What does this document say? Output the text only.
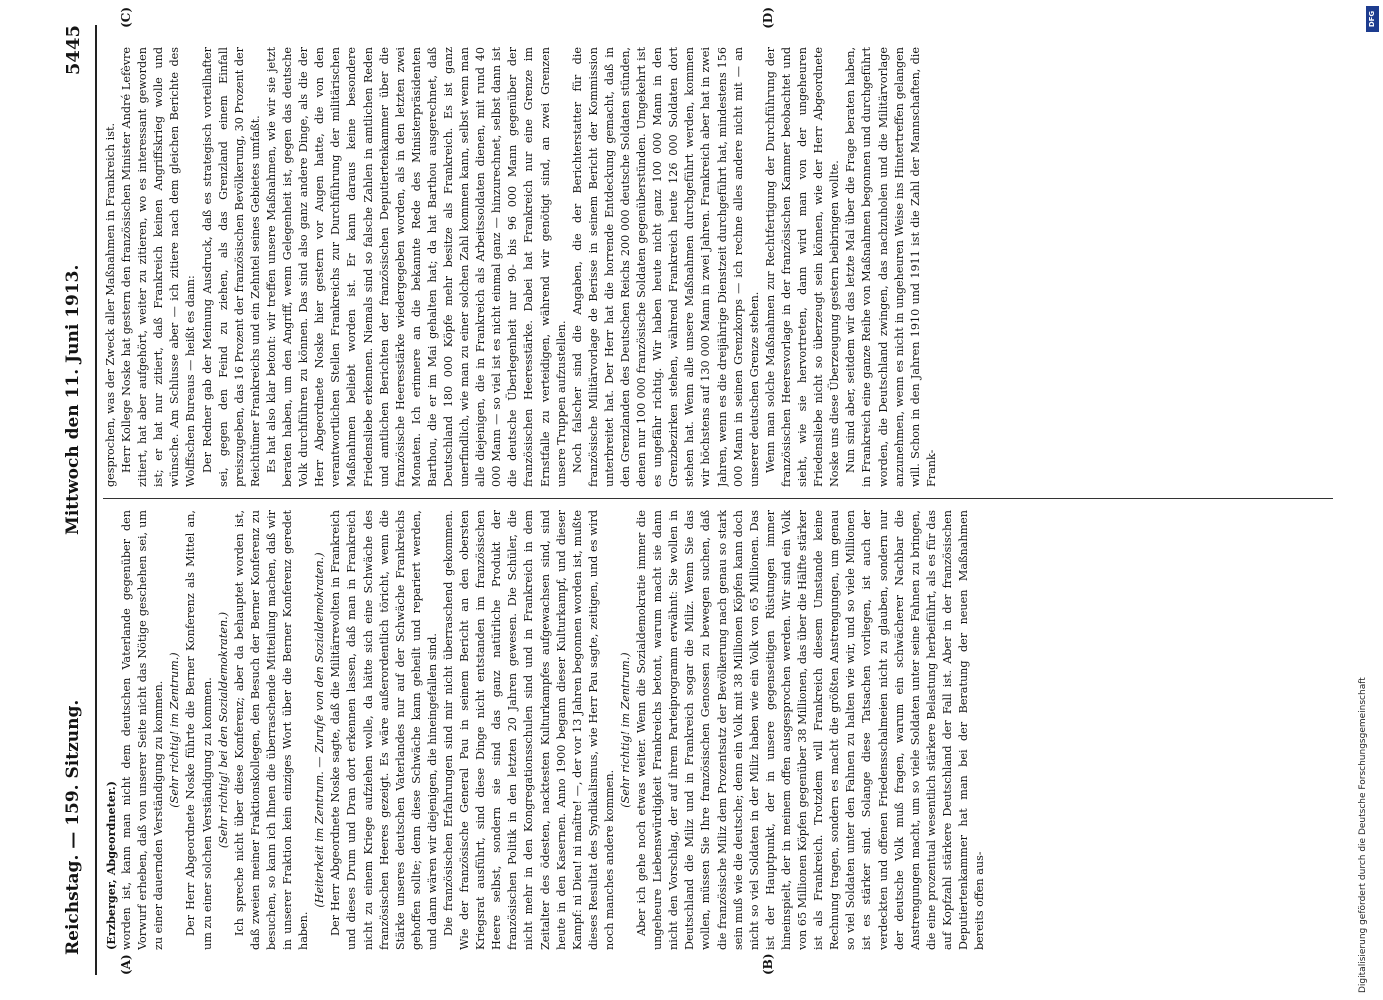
Reichstag. — 159. Sitzung.
Mittwoch den 11. Juni 1913.
5445
(A)	(B)
(C)	(D)

(Erzberger, Abgeordneter.) worden ist, kann man nicht dem deutschen Vaterlande gegenüber den Vorwurf erheben, daß von unserer Seite nicht das Nötige geschehen sei, um zu einer dauernden Verständigung zu kommen. (Sehr richtig! im Zentrum.) Der Herr Abgeordnete Noske führte die Berner Konferenz als Mittel an, um zu einer solchen Verständigung zu kommen. (Sehr richtig! bei den Sozialdemokraten.) Ich spreche nicht über diese Konferenz; aber da behauptet worden ist, daß zweien meiner Fraktionskollegen, den Besuch der Berner Konferenz zu besuchen, so kann ich Ihnen die überraschende Mitteilung machen, daß wir in unserer Fraktion kein einziges Wort über die Berner Konferenz geredet haben.

(Heiterkeit im Zentrum. — Zurufe von den Sozialdemokraten.) Der Herr Abgeordnete Noske sagte, daß die Militärrevolten in Frankreich und dieses Drum und Dran dort erkennen lassen, daß man in Frankreich nicht zu einem Kriege aufziehen wolle, da hätte sich eine Schwäche des französischen Heeres gezeigt. Es wäre außerordentlich töricht, wenn die Stärke unseres deutschen Vaterlandes nur auf der Schwäche Frankreichs gehoffen sollte; denn diese Schwäche kann geheilt und repariert werden, und dann wären wir diejenigen, die hineingefallen sind. Die französischen Erfahrungen sind mir nicht überraschend gekommen. Wie der französische General Pau in seinem Bericht an den obersten Kriegsrat ausführt, sind diese Dinge nicht entstanden im französischen Heere selbst, sondern sie sind das ganz natürliche Produkt der französischen Politik in den letzten 20 Jahren gewesen. Die Schüler, die nicht mehr in den Kongregationsschulen sind und in Frankreich in dem Zeitalter des ödesten, nacktesten Kulturkampfes aufgewachsen sind, sind heute in den Kasernen. Anno 1900 begann dieser Kulturkampf, und dieser Kampf: ni Dieu! ni maître! —, der vor 13 Jahren begonnen worden ist, mußte dieses Resultat des Syndikalismus, wie Herr Pau sagte, zeitigen, und es wird noch manches andere kommen.

(Sehr richtig! im Zentrum.) Aber ich gehe noch etwas weiter. Wenn die Sozialdemokratie immer die ungeheure Liebenswürdigkeit Frankreichs betont, warum macht sie dann nicht den Vorschlag, der auf ihrem Parteiprogramm erwähnt: Sie wollen in Deutschland die Miliz und in Frankreich sogar die Miliz. Wenn Sie das wollen, müssen Sie Ihre französischen Genossen zu bewegen suchen, daß die französische Miliz dem Prozentsatz der Bevölkerung nach genau so stark sein muß wie die deutsche; denn ein Volk mit 38 Millionen Köpfen kann doch nicht so viel Soldaten in der Miliz haben wie ein Volk von 65 Millionen. Das ist der Hauptpunkt, der in unsere gegenseitigen Rüstungen immer hineinspielt, der in meinem offen ausgesprochen werden. Wir sind ein Volk von 65 Millionen Köpfen gegenüber 38 Millionen, das über die Hälfte stärker ist als Frankreich. Trotzdem will Frankreich diesem Umstande keine Rechnung tragen, sondern es macht die größten Anstrengungen, um genau so viel Soldaten unter den Fahnen zu halten wie wir, und so viele Millionen ist es stärker sind. Solange diese Tatsachen vorliegen, ist auch der verdeckten und offenen Friedensschalmeien nicht zu glauben, sondern nur der deutsche Volk muß fragen, warum ein schwächerer Nachbar die Anstrengungen macht, um so viele Soldaten unter seine Fahnen zu bringen, die eine prozentual wesentlich stärkere Belastung herbeiführt, als es für das auf Kopfzahl stärkere Deutschland der Fall ist. Aber in der französischen Deputiertenkammer hat man bei der Beratung der neuen Maßnahmen bereits offen aus-

gesprochen, was der Zweck aller Maßnahmen in Frankreich ist. Herr Kollege Noske hat gestern den französischen Minister André Lefèvre zitiert, hat aber aufgehört, weiter zu zitieren, wo es interessant geworden ist; er hat nur zitiert, daß Frankreich keinen Angriffskrieg wolle und wünsche. Am Schlusse aber — ich zitiere nach dem gleichen Berichte des Wolffschen Bureaus — heißt es dann: Der Redner gab der Meinung Ausdruck, daß es strategisch vorteilhafter sei, gegen den Feind zu ziehen, als das Grenzland einem Einfall preiszugeben, das 16 Prozent der französischen Bevölkerung, 30 Prozent der Reichtümer Frankreichs und ein Zehntel seines Gebietes umfaßt. Es hat also klar betont: wir treffen unsere Maßnahmen, wie wir sie jetzt beraten haben, um den Angriff, wenn Gelegenheit ist, gegen das deutsche Volk durchführen zu können. Das sind also ganz andere Dinge, als die der Herr Abgeordnete Noske hier gestern vor Augen hatte, die von den verantwortlichen Stellen Frankreichs zur Durchführung der militärischen Maßnahmen beliebt worden ist. Er kann daraus keine besondere Friedensliebe erkennen. Niemals sind so falsche Zahlen in amtlichen Reden und amtlichen Berichten der französischen Deputiertenkammer über die französische Heeresstärke wiedergegeben worden, als in den letzten zwei Monaten. Ich erinnere an die bekannte Rede des Ministerpräsidenten Barthou, die er im Mai gehalten hat; da hat Barthou ausgerechnet, daß Deutschland 180 000 Köpfe mehr besitze als Frankreich. Es ist ganz unerfindlich, wie man zu einer solchen Zahl kommen kann, selbst wenn man alle diejenigen, die in Frankreich als Arbeitssoldaten dienen, mit rund 40 000 Mann — so viel ist es nicht einmal ganz — hinzurechnet, selbst dann ist die deutsche Überlegenheit nur 90- bis 96 000 Mann gegenüber der französischen Heeresstärke. Dabei hat Frankreich nur eine Grenze im Ernstfalle zu verteidigen, während wir genötigt sind, an zwei Grenzen unsere Truppen aufzustellen. Noch falscher sind die Angaben, die der Berichterstatter für die französische Militärvorlage de Berisse in seinem Bericht der Kommission unterbreitet hat. Der Herr hat die horrende Entdeckung gemacht, daß in den Grenzlanden des Deutschen Reichs 200 000 deutsche Soldaten stünden, denen nur 100 000 französische Soldaten gegenüberstünden. Umgekehrt ist es ungefähr richtig. Wir haben heute nicht ganz 100 000 Mann in den Grenzbezirken stehen, während Frankreich heute 126 000 Soldaten dort stehen hat. Wenn alle unsere Maßnahmen durchgeführt werden, kommen wir höchstens auf 130 000 Mann in zwei Jahren. Frankreich aber hat in zwei Jahren, wenn es die dreijährige Dienstzeit durchgeführt hat, mindestens 156 000 Mann in seinen Grenzkorps — ich rechne alles andere nicht mit — an unserer deutschen Grenze stehen. Wenn man solche Maßnahmen zur Rechtfertigung der Durchführung der französischen Heeresvorlage in der französischen Kammer beobachtet und sieht, wie sie hervortreten, dann wird man von der ungeheuren Friedensliebe nicht so überzeugt sein können, wie der Herr Abgeordnete Noske uns diese Überzeugung gestern beibringen wollte. Nun sind aber, seitdem wir das letzte Mal über die Frage beraten haben, in Frankreich eine ganze Reihe von Maßnahmen begonnen und durchgeführt worden, die Deutschland zwingen, das nachzuholen und die Militärvorlage anzunehmen, wenn es nicht in ungeheuren Weise ins Hintertreffen gelangen will. Schon in den Jahren 1910 und 1911 ist die Zahl der Mannschaften, die Frank-

Digitalisierung gefördert durch die Deutsche Forschungsgemeinschaft
DFG
